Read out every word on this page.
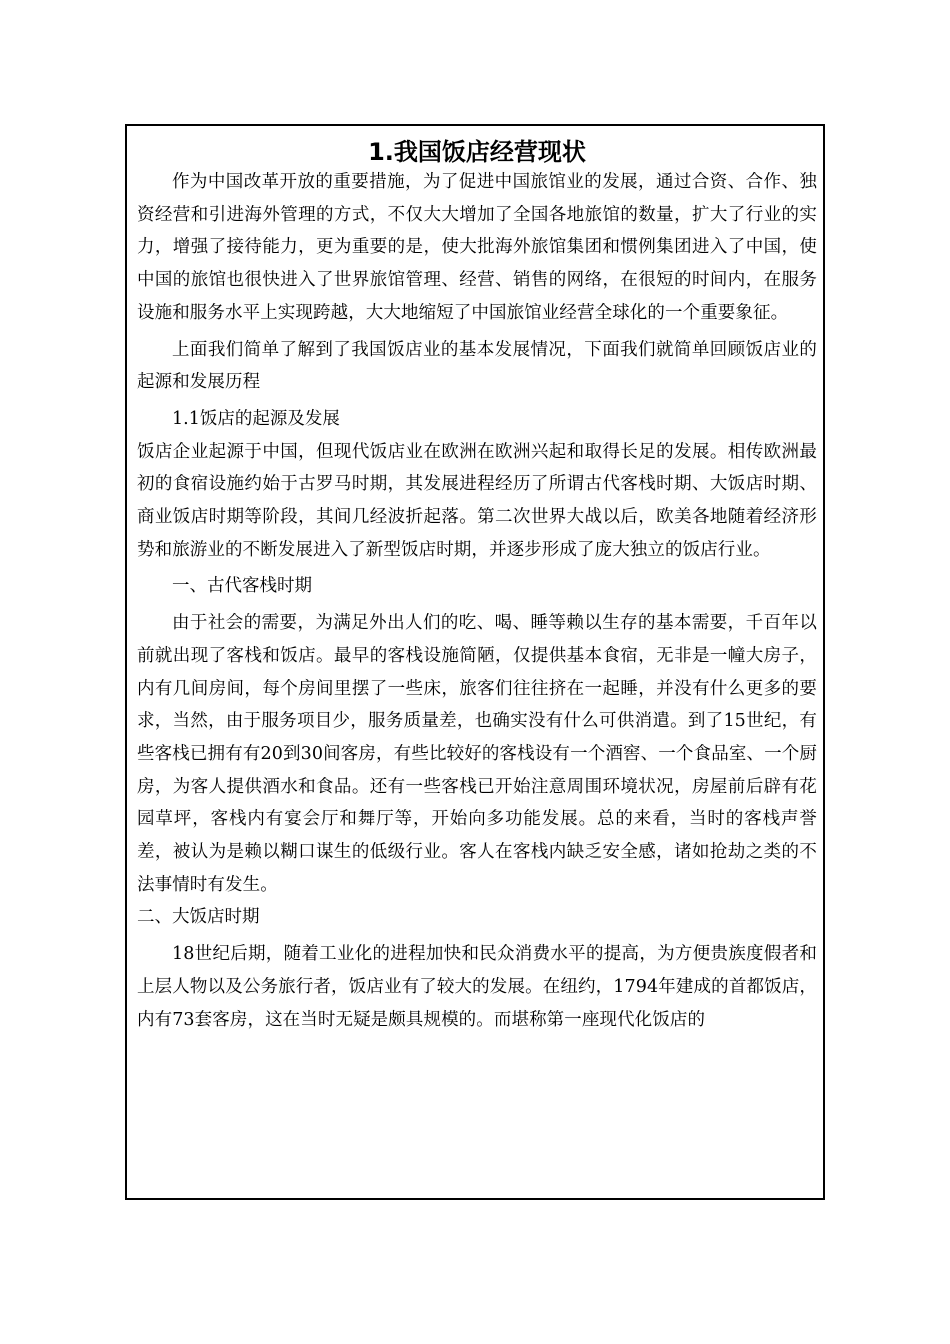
1.我国饭店经营现状

作为中国改革开放的重要措施，为了促进中国旅馆业的发展，通过合资、合作、独资经营和引进海外管理的方式，不仅大大增加了全国各地旅馆的数量，扩大了行业的实力，增强了接待能力，更为重要的是，使大批海外旅馆集团和惯例集团进入了中国，使中国的旅馆也很快进入了世界旅馆管理、经营、销售的网络，在很短的时间内，在服务设施和服务水平上实现跨越，大大地缩短了中国旅馆业经营全球化的一个重要象征。

上面我们简单了解到了我国饭店业的基本发展情况，下面我们就简单回顾饭店业的起源和发展历程

1.1饭店的起源及发展

饭店企业起源于中国，但现代饭店业在欧洲在欧洲兴起和取得长足的发展。相传欧洲最初的食宿设施约始于古罗马时期，其发展进程经历了所谓古代客栈时期、大饭店时期、商业饭店时期等阶段，其间几经波折起落。第二次世界大战以后，欧美各地随着经济形势和旅游业的不断发展进入了新型饭店时期，并逐步形成了庞大独立的饭店行业。

一、古代客栈时期

由于社会的需要，为满足外出人们的吃、喝、睡等赖以生存的基本需要，千百年以前就出现了客栈和饭店。最早的客栈设施简陋，仅提供基本食宿，无非是一幢大房子，内有几间房间，每个房间里摆了一些床，旅客们往往挤在一起睡，并没有什么更多的要求，当然，由于服务项目少，服务质量差，也确实没有什么可供消遣。到了15世纪，有些客栈已拥有有20到30间客房，有些比较好的客栈设有一个酒窖、一个食品室、一个厨房，为客人提供酒水和食品。还有一些客栈已开始注意周围环境状况，房屋前后辟有花园草坪，客栈内有宴会厅和舞厅等，开始向多功能发展。总的来看，当时的客栈声誉差，被认为是赖以糊口谋生的低级行业。客人在客栈内缺乏安全感，诸如抢劫之类的不法事情时有发生。

二、大饭店时期

18世纪后期，随着工业化的进程加快和民众消费水平的提高，为方便贵族度假者和上层人物以及公务旅行者，饭店业有了较大的发展。在纽约，1794年建成的首都饭店，内有73套客房，这在当时无疑是颇具规模的。而堪称第一座现代化饭店的
